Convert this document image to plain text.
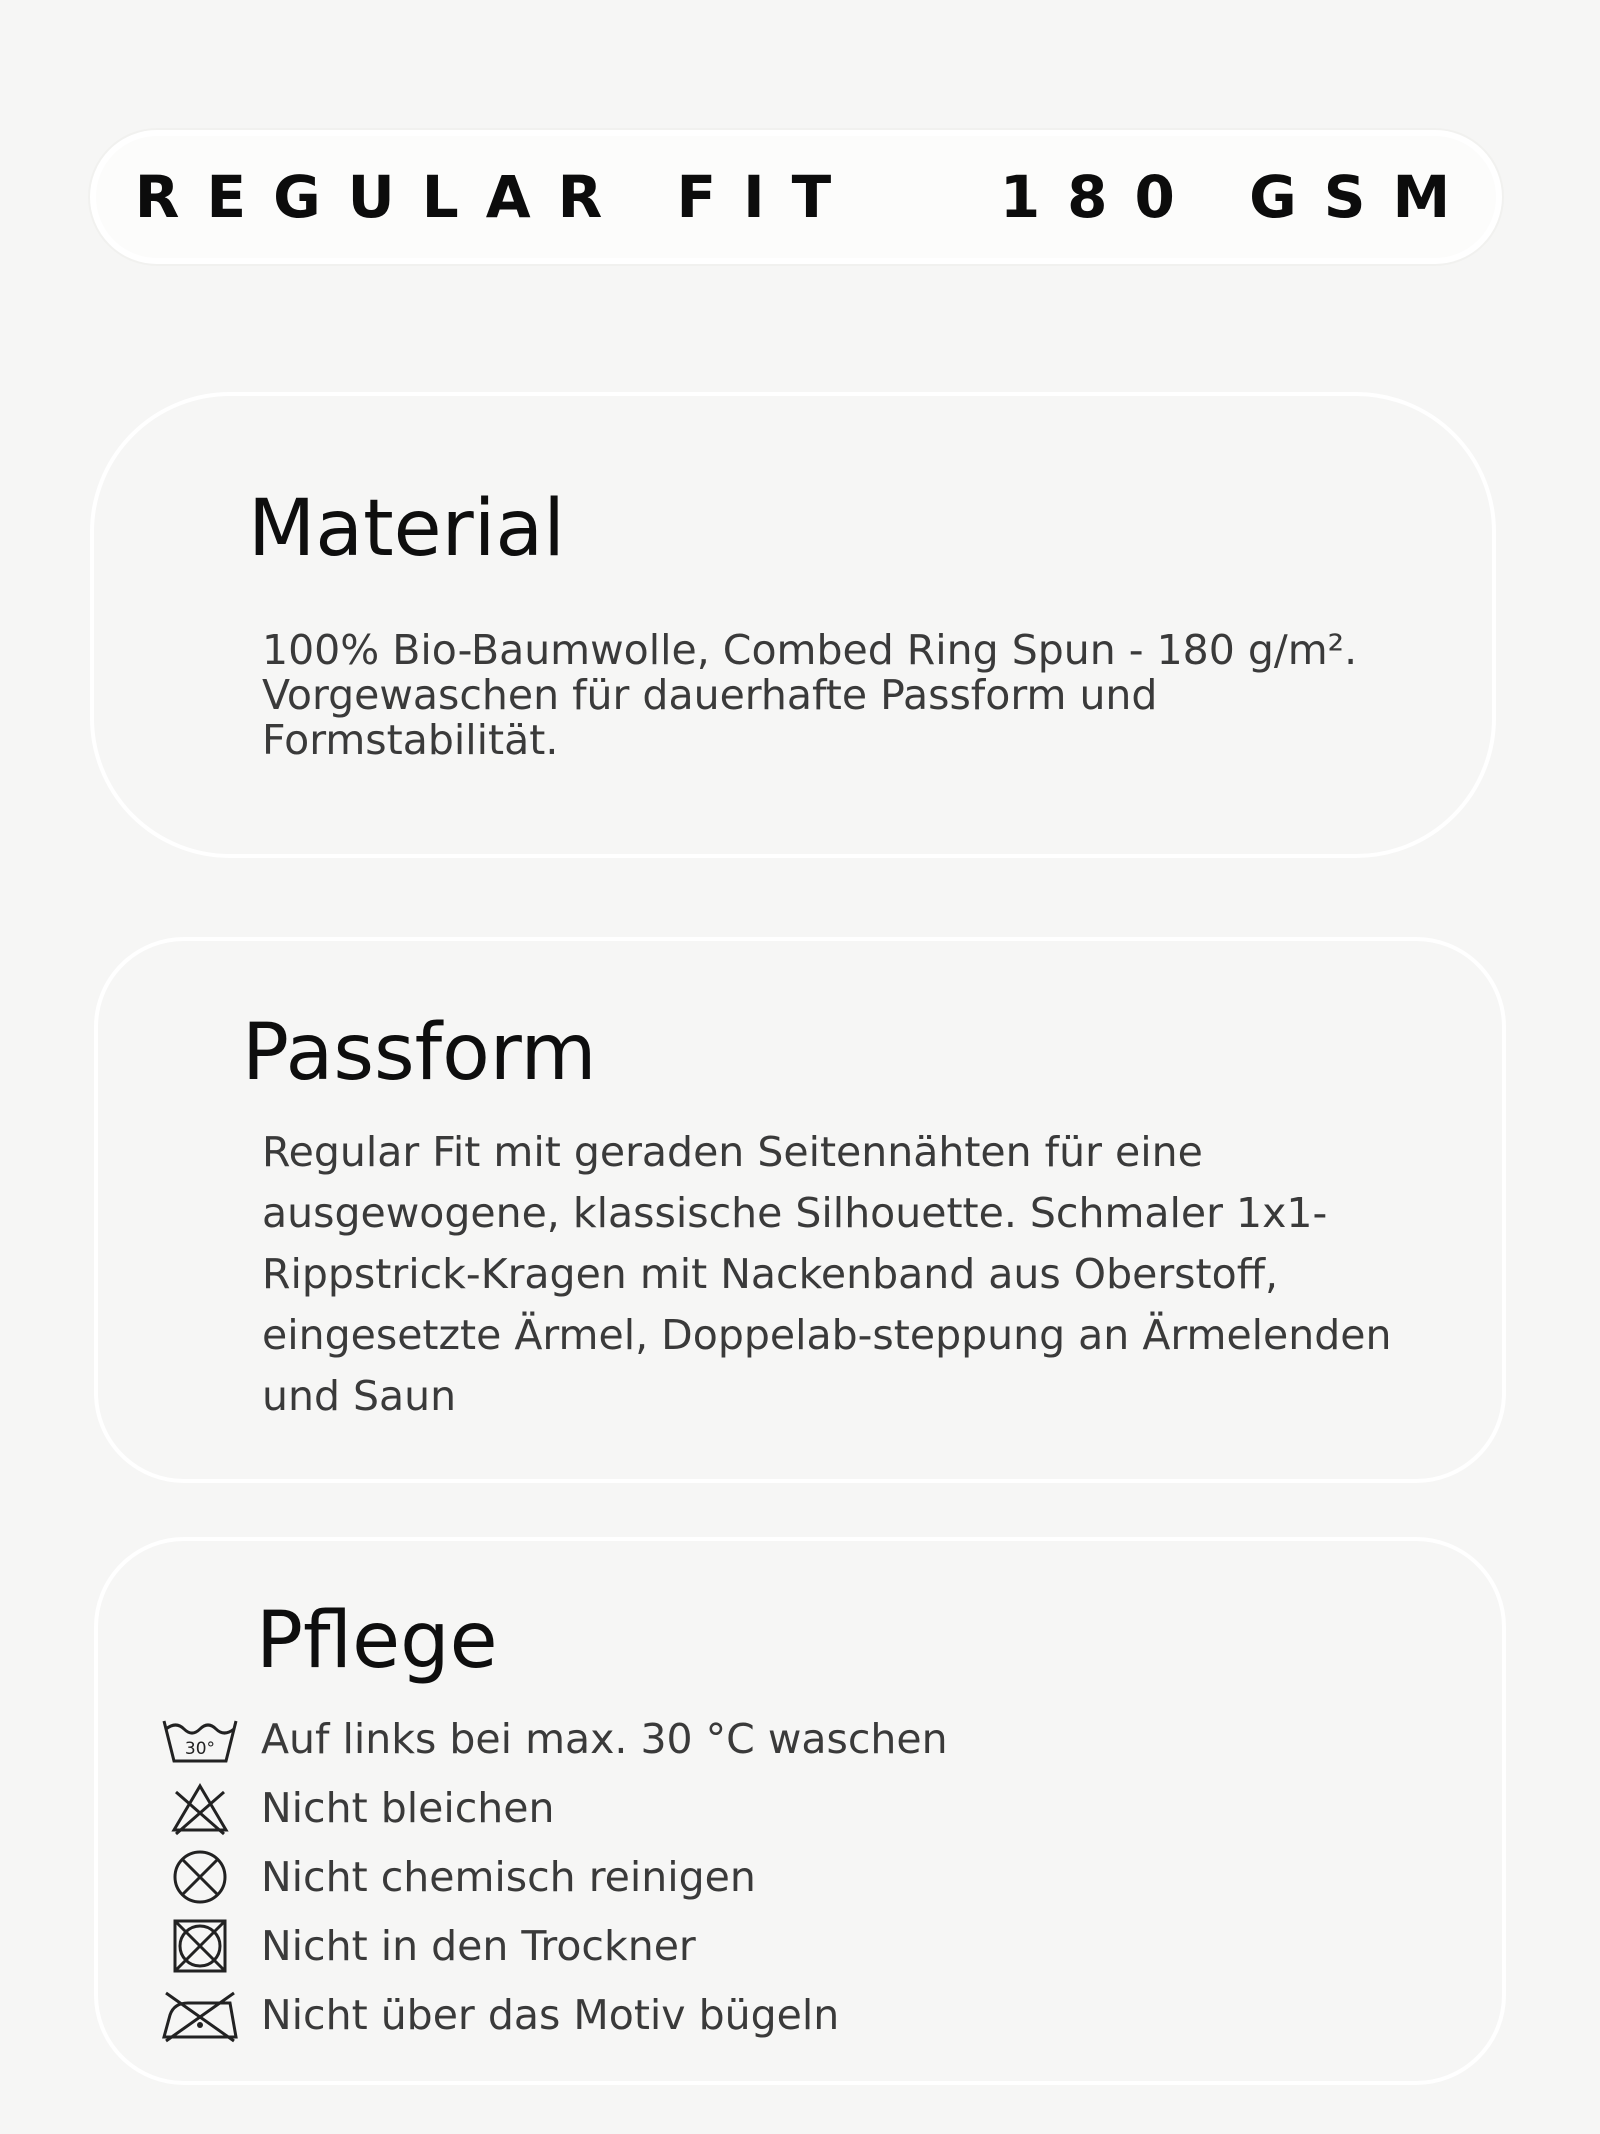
REGULAR FIT   180 GSM
Material
100% Bio-Baumwolle, Combed Ring Spun - 180 g/m².
Vorgewaschen für dauerhafte Passform und
Formstabilität.
Passform
Regular Fit mit geraden Seitennähten für eine
ausgewogene, klassische Silhouette. Schmaler 1x1-
Rippstrick-Kragen mit Nackenband aus Oberstoff,
eingesetzte Ärmel, Doppelab-steppung an Ärmelenden
und Saun
Pflege
30° Auf links bei max. 30 °C waschen
Nicht bleichen
Nicht chemisch reinigen
Nicht in den Trockner
Nicht über das Motiv bügeln
